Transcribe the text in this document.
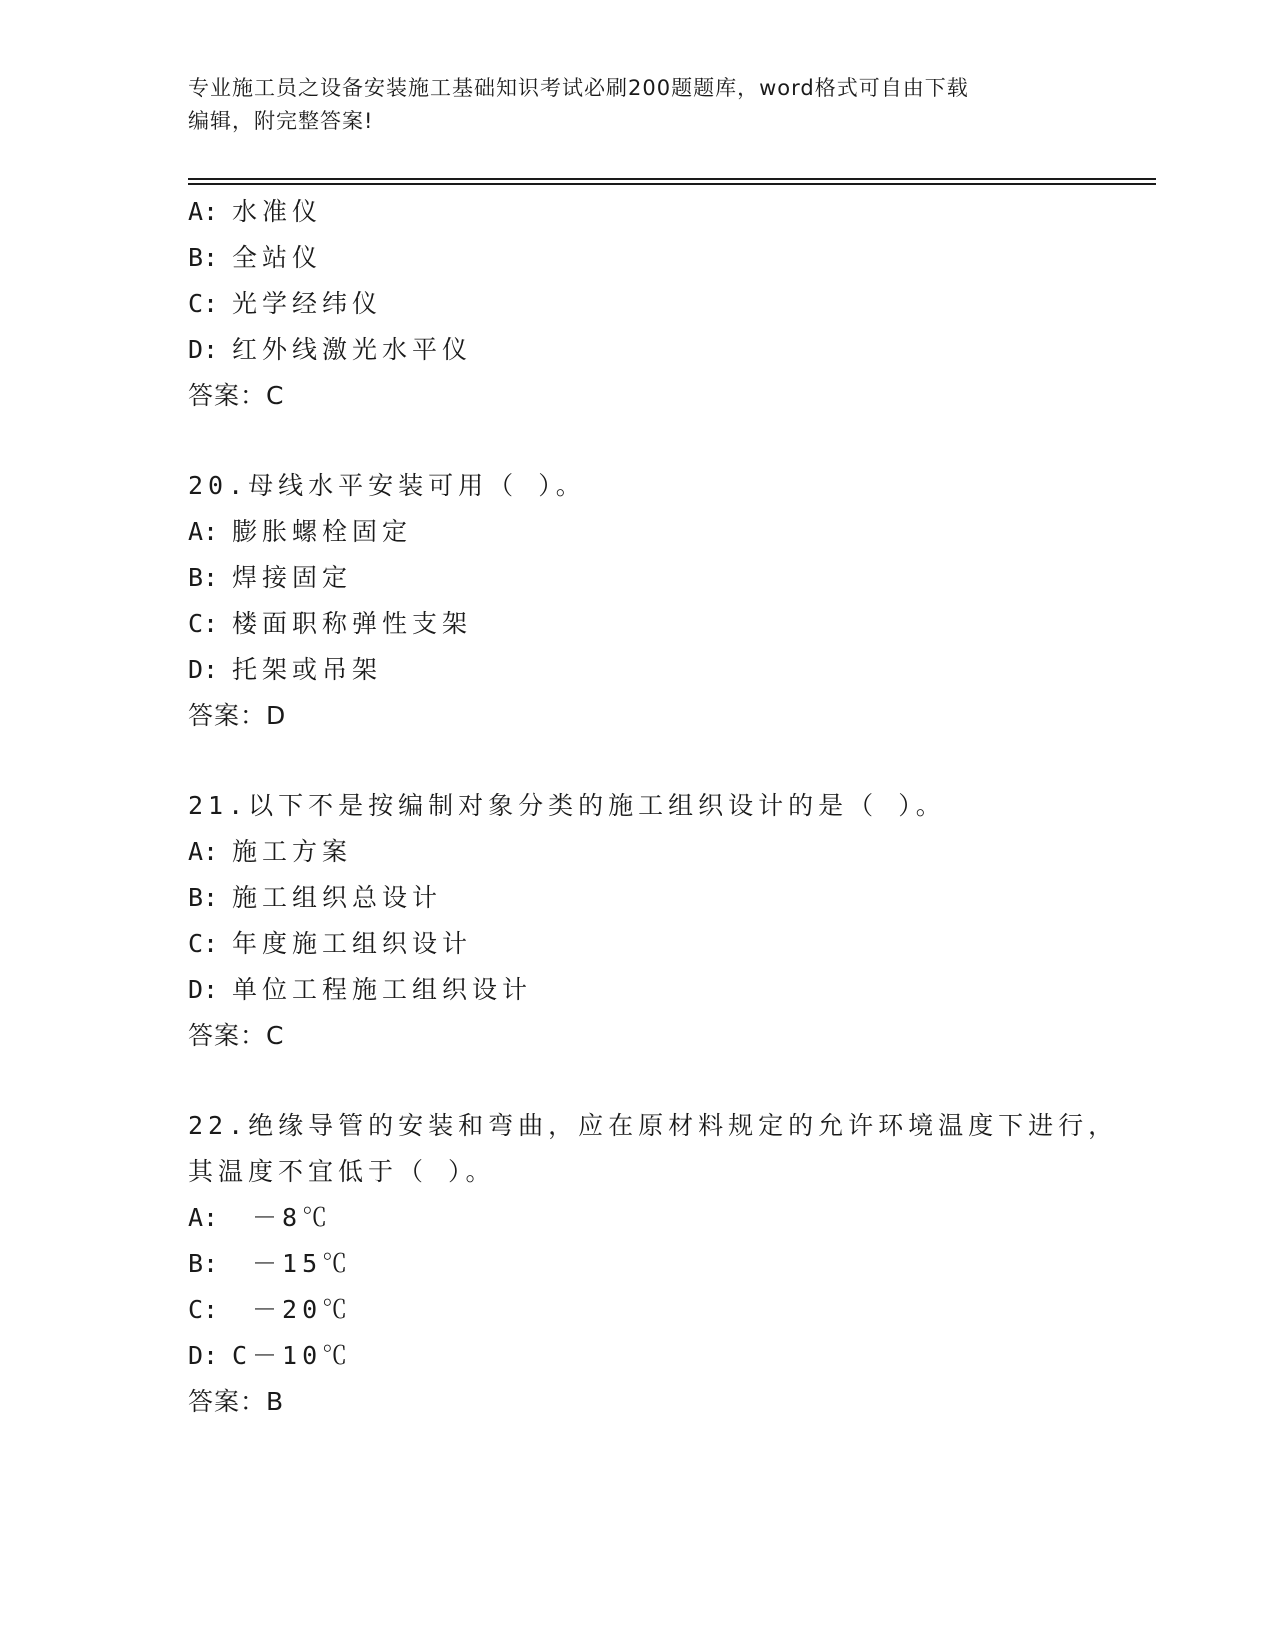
专业施工员之设备安装施工基础知识考试必刷200题题库，word格式可自由下载
编辑，附完整答案!
A: 水准仪
B: 全站仪
C: 光学经纬仪
D: 红外线激光水平仪
答案：C
20.母线水平安装可用（ ）。
A: 膨胀螺栓固定
B: 焊接固定
C: 楼面职称弹性支架
D: 托架或吊架
答案：D
21.以下不是按编制对象分类的施工组织设计的是（ ）。
A: 施工方案
B: 施工组织总设计
C: 年度施工组织设计
D: 单位工程施工组织设计
答案：C
22.绝缘导管的安装和弯曲，应在原材料规定的允许环境温度下进行，
其温度不宜低于（ ）。
A: －8℃
B: －15℃
C: －20℃
D: C－10℃
答案：B
